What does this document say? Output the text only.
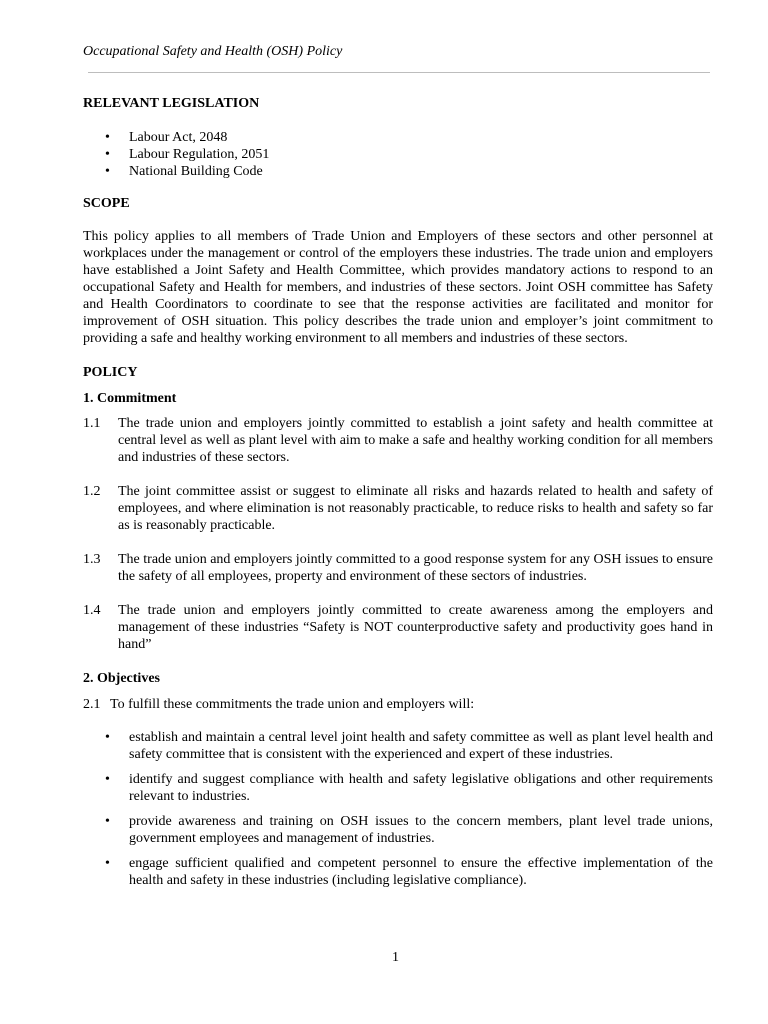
Occupational Safety and Health (OSH) Policy

RELEVANT LEGISLATION

• Labour Act, 2048
• Labour Regulation, 2051
• National Building Code

SCOPE

This policy applies to all members of Trade Union and Employers of these sectors and other personnel at workplaces under the management or control of the employers these industries. The trade union and employers have established a Joint Safety and Health Committee, which provides mandatory actions to respond to an occupational Safety and Health for members, and industries of these sectors. Joint OSH committee has Safety and Health Coordinators to coordinate to see that the response activities are facilitated and monitor for improvement of OSH situation. This policy describes the trade union and employer’s joint commitment to providing a safe and healthy working environment to all members and industries of these sectors.

POLICY

1. Commitment

1.1 The trade union and employers jointly committed to establish a joint safety and health committee at central level as well as plant level with aim to make a safe and healthy working condition for all members and industries of these sectors.
1.2 The joint committee assist or suggest to eliminate all risks and hazards related to health and safety of employees, and where elimination is not reasonably practicable, to reduce risks to health and safety so far as is reasonably practicable.
1.3 The trade union and employers jointly committed to a good response system for any OSH issues to ensure the safety of all employees, property and environment of these sectors of industries.
1.4 The trade union and employers jointly committed to create awareness among the employers and management of these industries “Safety is NOT counterproductive safety and productivity goes hand in hand”

2. Objectives

2.1 To fulfill these commitments the trade union and employers will:
• establish and maintain a central level joint health and safety committee as well as plant level health and safety committee that is consistent with the experienced and expert of these industries.
• identify and suggest compliance with health and safety legislative obligations and other requirements relevant to industries.
• provide awareness and training on OSH issues to the concern members, plant level trade unions, government employees and management of industries.
• engage sufficient qualified and competent personnel to ensure the effective implementation of the health and safety in these industries (including legislative compliance).
1
